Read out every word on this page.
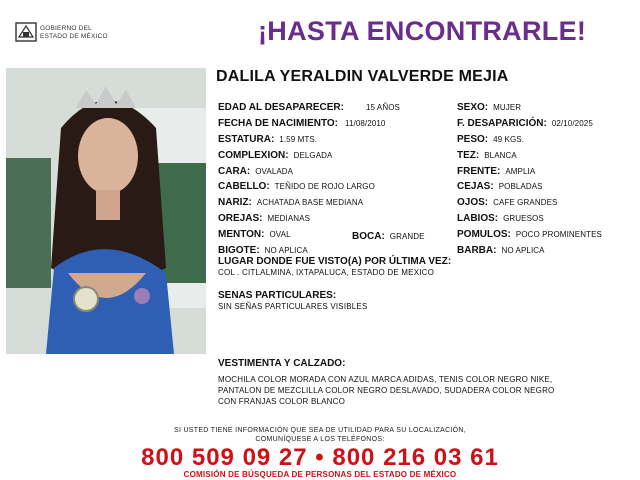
GOBIERNO DEL
ESTADO DE MÉXICO	¡HASTA ENCONTRARLE!
DALILA YERALDIN VALVERDE MEJIA
EDAD AL DESAPARECER:	15 AÑOS
FECHA DE NACIMIENTO: 11/08/2010
ESTATURA: 1.59 MTS.
COMPLEXION: DELGADA
CARA: OVALADA
CABELLO: TEÑIDO DE ROJO LARGO
NARIZ: ACHATADA BASE MEDIANA
OREJAS: MEDIANAS
MENTON: OVAL
BIGOTE: NO APLICA
BOCA: GRANDE
SEXO: MUJER
F. DESAPARICIÓN: 02/10/2025
PESO: 49 KGS.
TEZ: BLANCA
FRENTE: AMPLIA
CEJAS: POBLADAS
OJOS: CAFE GRANDES
LABIOS: GRUESOS
POMULOS: POCO PROMINENTES
BARBA: NO APLICA
LUGAR DONDE FUE VISTO(A) POR ÚLTIMA VEZ:
COL . CITLALMINA, IXTAPALUCA, ESTADO DE MEXICO
SENAS PARTICULARES:
SIN SEÑAS PARTICULARES VISIBLES
VESTIMENTA Y CALZADO:
MOCHILA COLOR MORADA CON AZUL MARCA ADIDAS, TENIS COLOR NEGRO NIKE,
PANTALON DE MEZCLILLA COLOR NEGRO DESLAVADO, SUDADERA COLOR NEGRO
CON FRANJAS COLOR BLANCO
SI USTED TIENE INFORMACIÓN QUE SEA DE UTILIDAD PARA SU LOCALIZACIÓN,
COMUNÍQUESE A LOS TELÉFONOS:
800 509 09 27 • 800 216 03 61
COMISIÓN DE BÚSQUEDA DE PERSONAS DEL ESTADO DE MÉXICO
